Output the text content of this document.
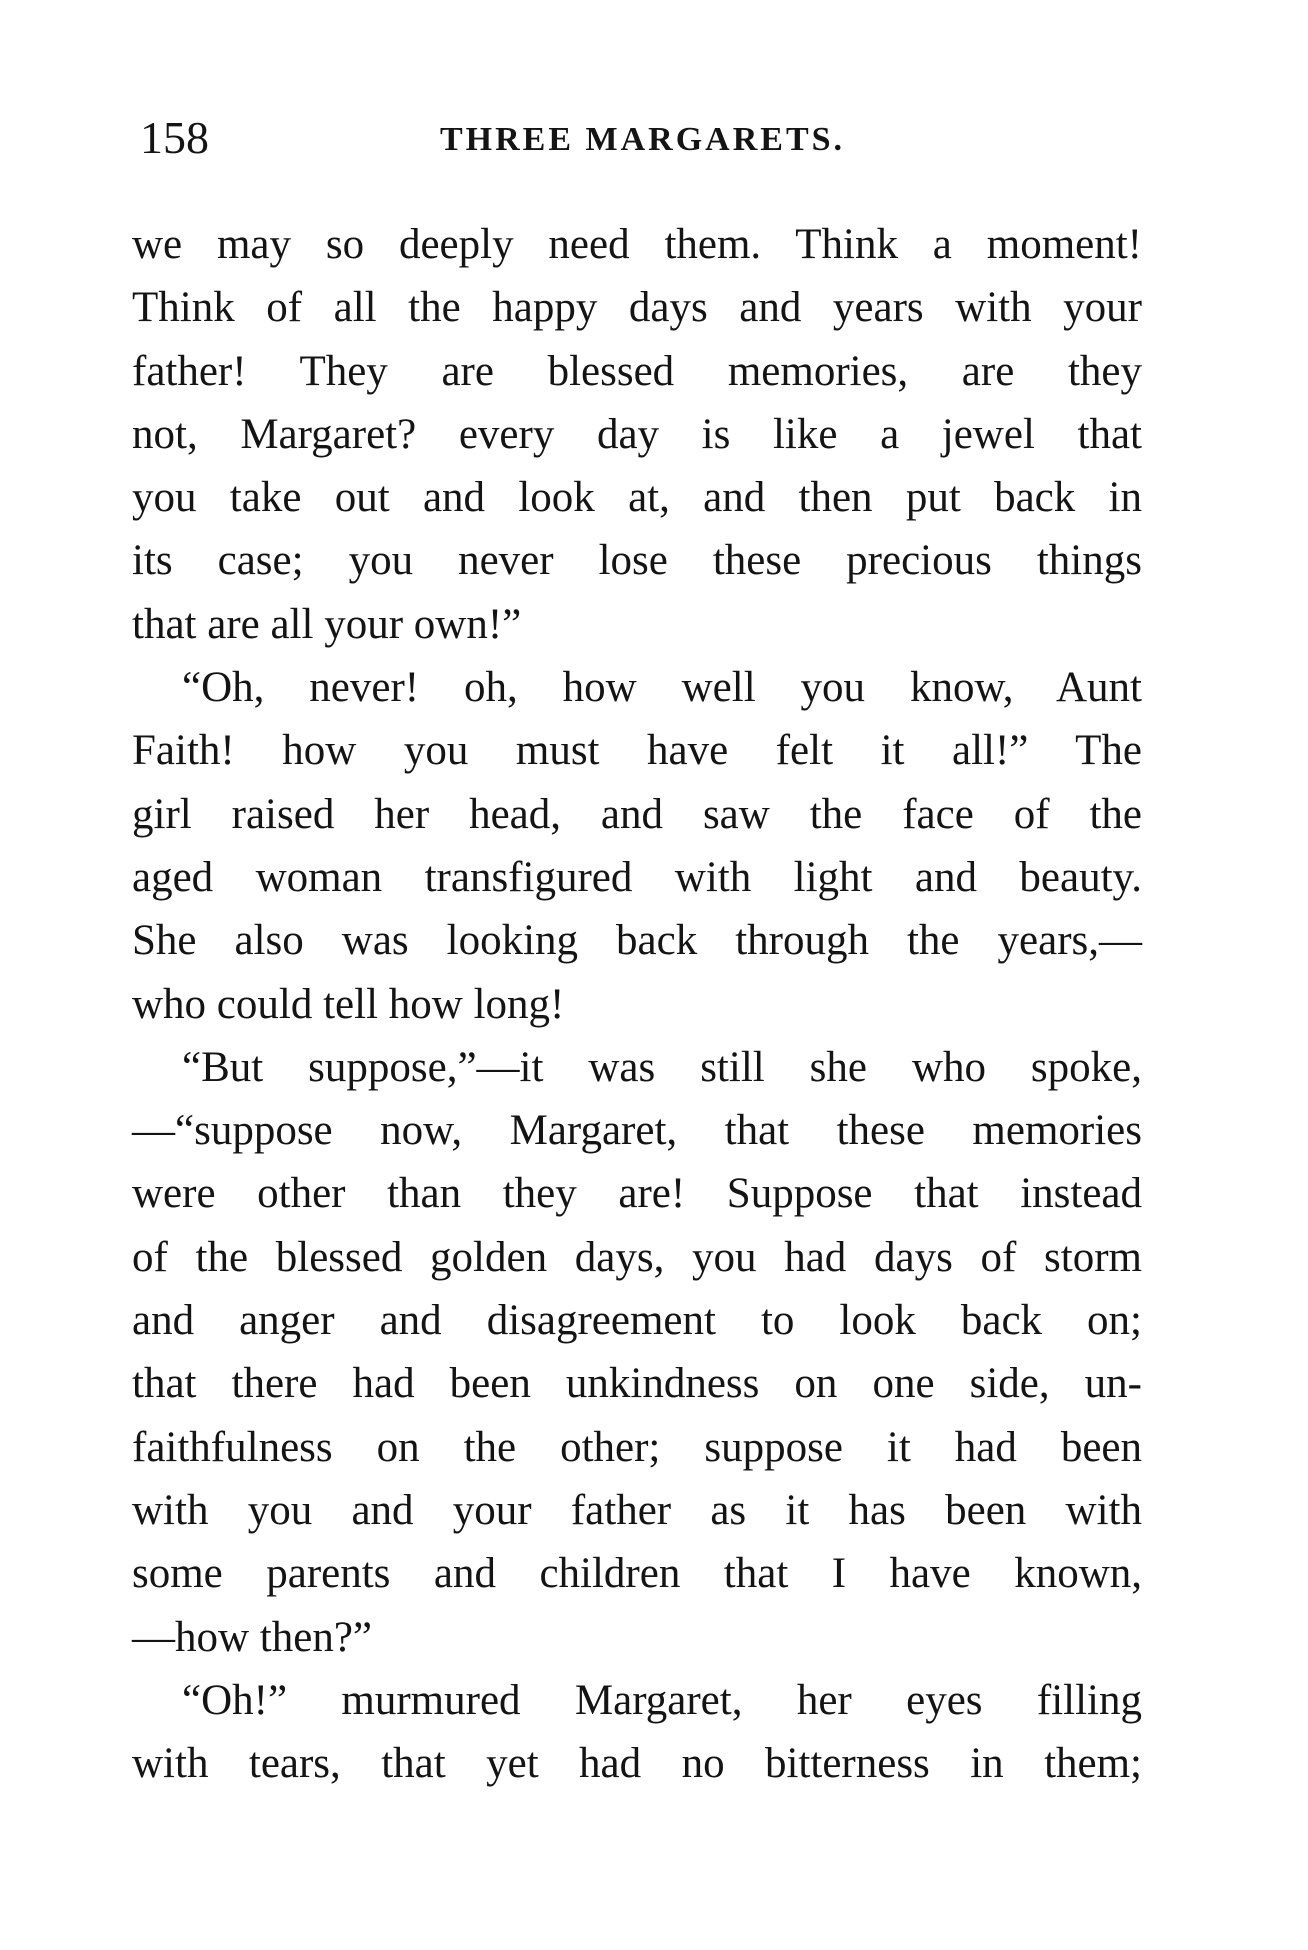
158	THREE MARGARETS.
we may so deeply need them. Think a moment!
Think of all the happy days and years with your
father! They are blessed memories, are they
not, Margaret? every day is like a jewel that
you take out and look at, and then put back in
its case; you never lose these precious things
that are all your own!”
“Oh, never! oh, how well you know, Aunt
Faith! how you must have felt it all!” The
girl raised her head, and saw the face of the
aged woman transfigured with light and beauty.
She also was looking back through the years,—
who could tell how long!
“But suppose,”—it was still she who spoke,
—“suppose now, Margaret, that these memories
were other than they are! Suppose that instead
of the blessed golden days, you had days of storm
and anger and disagreement to look back on;
that there had been unkindness on one side, un-
faithfulness on the other; suppose it had been
with you and your father as it has been with
some parents and children that I have known,
—how then?”
“Oh!” murmured Margaret, her eyes filling
with tears, that yet had no bitterness in them;
